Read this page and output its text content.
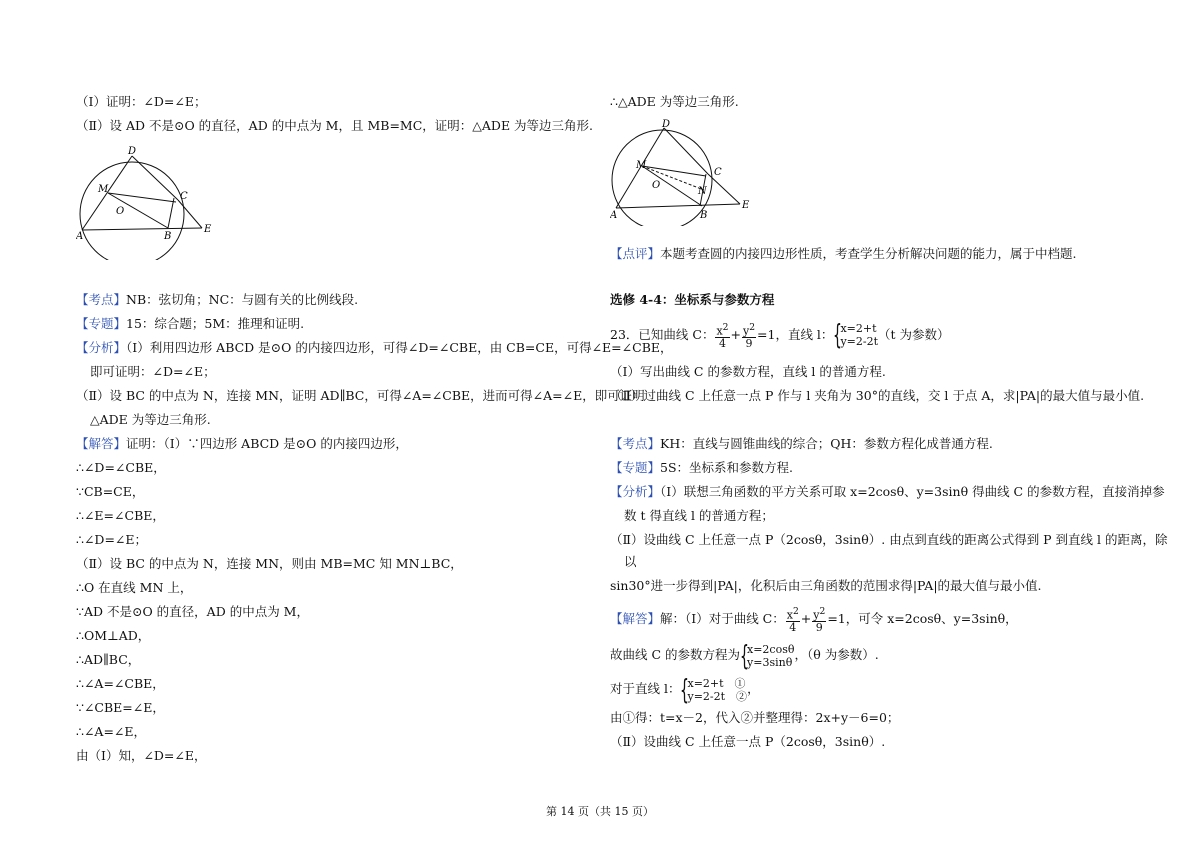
（Ⅰ）证明：∠D=∠E；
（Ⅱ）设 AD 不是⊙O 的直径，AD 的中点为 M，且 MB=MC，证明：△ADE 为等边三角形.
D
M
C
O
A	B
E
【考点】NB：弦切角；NC：与圆有关的比例线段.
【专题】15：综合题；5M：推理和证明.
【分析】（Ⅰ）利用四边形 ABCD 是⊙O 的内接四边形，可得∠D=∠CBE，由 CB=CE，可得∠E=∠CBE，
即可证明：∠D=∠E；
（Ⅱ）设 BC 的中点为 N，连接 MN，证明 AD∥BC，可得∠A=∠CBE，进而可得∠A=∠E，即可证明
△ADE 为等边三角形.
【解答】证明：（Ⅰ）∵四边形 ABCD 是⊙O 的内接四边形，
∴∠D=∠CBE，
∵CB=CE，
∴∠E=∠CBE，
∴∠D=∠E；
（Ⅱ）设 BC 的中点为 N，连接 MN，则由 MB=MC 知 MN⊥BC，
∴O 在直线 MN 上，
∵AD 不是⊙O 的直径，AD 的中点为 M，
∴OM⊥AD，
∴AD∥BC，
∴∠A=∠CBE，
∵∠CBE=∠E，
∴∠A=∠E，
由（Ⅰ）知，∠D=∠E，
∴△ADE 为等边三角形.
D
M
C
O
N
A	B
E
【点评】本题考查圆的内接四边形性质，考查学生分析解决问题的能力，属于中档题.
选修 4-4：坐标系与参数方程
23．已知曲线 C： $\frac{x^2}{4} + \frac{y^2}{9} =1$，直线 l： {
x=2+t
y=2-2t （t 为参数）
（Ⅰ）写出曲线 C 的参数方程，直线 l 的普通方程.
（Ⅱ）过曲线 C 上任意一点 P 作与 l 夹角为 30°的直线，交 l 于点 A，求|PA|的最大值与最小值.
【考点】KH：直线与圆锥曲线的综合；QH：参数方程化成普通方程.
【专题】5S：坐标系和参数方程.
【分析】（Ⅰ）联想三角函数的平方关系可取 x=2cosθ、y=3sinθ 得曲线 C 的参数方程，直接消掉参
数 t 得直线 l 的普通方程；
（Ⅱ）设曲线 C 上任意一点 P（2cosθ，3sinθ）. 由点到直线的距离公式得到 P 到直线 l 的距离，除
以
sin30°进一步得到|PA|，化积后由三角函数的范围求得|PA|的最大值与最小值.
【解答】解：（Ⅰ）对于曲线 C： $\frac{x^2}{4} + \frac{y^2}{9} =1$，可令 x=2cosθ、y=3sinθ，
故曲线 C 的参数方程为 {
x=2cosθ
y=3sinθ ，（θ 为参数）.
对于直线 l： {
x=2+t　①
y=2-2t　② ，
由①得：t=x－2，代入②并整理得：2x+y－6=0；
（Ⅱ）设曲线 C 上任意一点 P（2cosθ，3sinθ）.
第 14 页（共 15 页）
